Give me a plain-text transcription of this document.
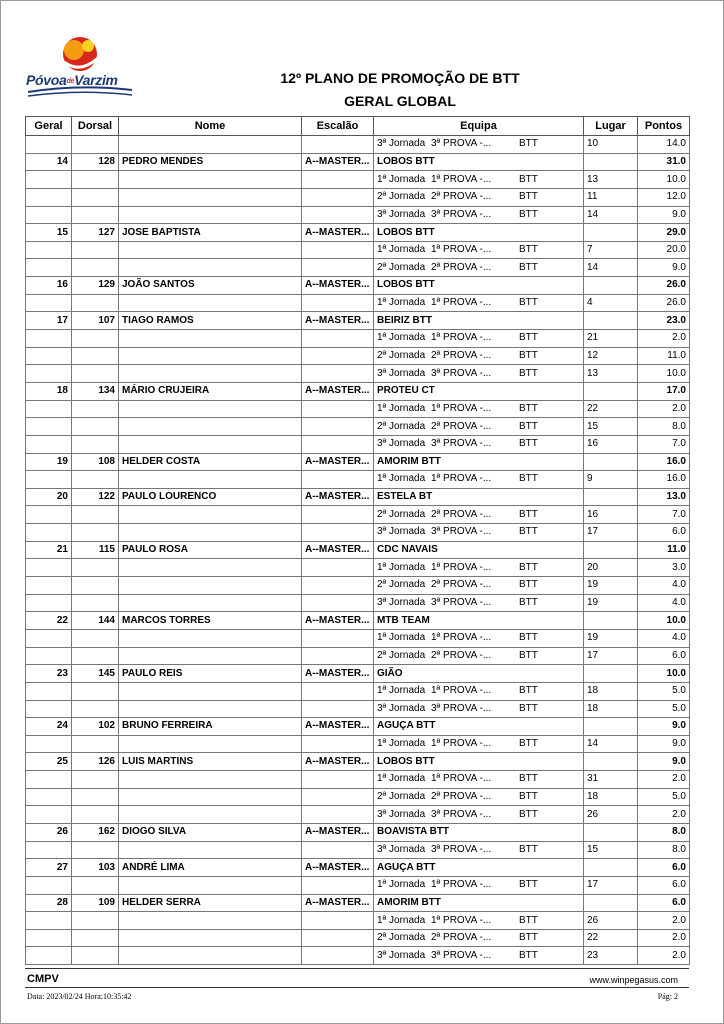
PóvoadeVarzim	12º PLANO DE PROMOÇÃO DE BTT
GERAL GLOBAL
Geral	Dorsal	Nome	Escalão	Equipa	Lugar	Pontos
				3ª Jornada 3ª PROVA -... BTT	10	14.0
14	128	PEDRO MENDES	A--MASTER...	LOBOS BTT		31.0
				1ª Jornada 1ª PROVA -... BTT	13	10.0
				2ª Jornada 2ª PROVA -... BTT	11	12.0
				3ª Jornada 3ª PROVA -... BTT	14	9.0
15	127	JOSE BAPTISTA	A--MASTER...	LOBOS BTT		29.0
				1ª Jornada 1ª PROVA -... BTT	7	20.0
				2ª Jornada 2ª PROVA -... BTT	14	9.0
16	129	JOÃO SANTOS	A--MASTER...	LOBOS BTT		26.0
				1ª Jornada 1ª PROVA -... BTT	4	26.0
17	107	TIAGO RAMOS	A--MASTER...	BEIRIZ BTT		23.0
				1ª Jornada 1ª PROVA -... BTT	21	2.0
				2ª Jornada 2ª PROVA -... BTT	12	11.0
				3ª Jornada 3ª PROVA -... BTT	13	10.0
18	134	MÁRIO CRUJEIRA	A--MASTER...	PROTEU CT		17.0
				1ª Jornada 1ª PROVA -... BTT	22	2.0
				2ª Jornada 2ª PROVA -... BTT	15	8.0
				3ª Jornada 3ª PROVA -... BTT	16	7.0
19	108	HELDER COSTA	A--MASTER...	AMORIM BTT		16.0
				1ª Jornada 1ª PROVA -... BTT	9	16.0
20	122	PAULO LOURENCO	A--MASTER...	ESTELA BT		13.0
				2ª Jornada 2ª PROVA -... BTT	16	7.0
				3ª Jornada 3ª PROVA -... BTT	17	6.0
21	115	PAULO ROSA	A--MASTER...	CDC NAVAIS		11.0
				1ª Jornada 1ª PROVA -... BTT	20	3.0
				2ª Jornada 2ª PROVA -... BTT	19	4.0
				3ª Jornada 3ª PROVA -... BTT	19	4.0
22	144	MARCOS TORRES	A--MASTER...	MTB TEAM		10.0
				1ª Jornada 1ª PROVA -... BTT	19	4.0
				2ª Jornada 2ª PROVA -... BTT	17	6.0
23	145	PAULO REIS	A--MASTER...	GIÃO		10.0
				1ª Jornada 1ª PROVA -... BTT	18	5.0
				3ª Jornada 3ª PROVA -... BTT	18	5.0
24	102	BRUNO FERREIRA	A--MASTER...	AGUÇA BTT		9.0
				1ª Jornada 1ª PROVA -... BTT	14	9.0
25	126	LUIS MARTINS	A--MASTER...	LOBOS BTT		9.0
				1ª Jornada 1ª PROVA -... BTT	31	2.0
				2ª Jornada 2ª PROVA -... BTT	18	5.0
				3ª Jornada 3ª PROVA -... BTT	26	2.0
26	162	DIOGO SILVA	A--MASTER...	BOAVISTA BTT		8.0
				3ª Jornada 3ª PROVA -... BTT	15	8.0
27	103	ANDRÉ LIMA	A--MASTER...	AGUÇA BTT		6.0
				1ª Jornada 1ª PROVA -... BTT	17	6.0
28	109	HELDER SERRA	A--MASTER...	AMORIM BTT		6.0
				1ª Jornada 1ª PROVA -... BTT	26	2.0
				2ª Jornada 2ª PROVA -... BTT	22	2.0
				3ª Jornada 3ª PROVA -... BTT	23	2.0
CMPV	www.winpegasus.com
Data: 2023/02/24 Hora:10:35:42	Pág: 2
